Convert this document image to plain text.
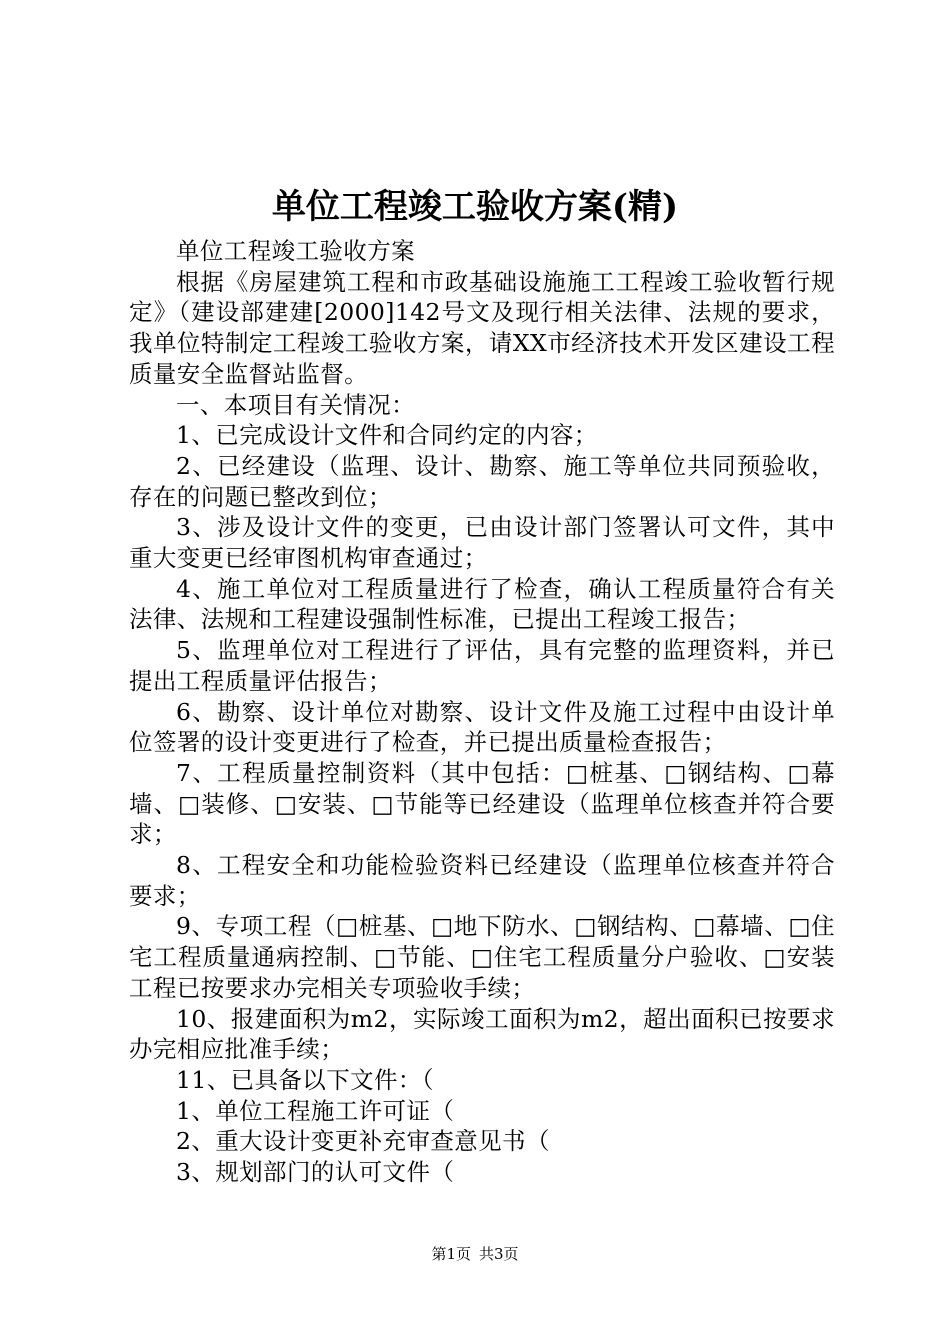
单位工程竣工验收方案(精)

单位工程竣工验收方案

根据《房屋建筑工程和市政基础设施施工工程竣工验收暂行规定》（建设部建建[2000]142号文及现行相关法律、法规的要求，我单位特制定工程竣工验收方案，请XX市经济技术开发区建设工程质量安全监督站监督。

一、本项目有关情况：

1、已完成设计文件和合同约定的内容；

2、已经建设（监理、设计、勘察、施工等单位共同预验收，存在的问题已整改到位；

3、涉及设计文件的变更，已由设计部门签署认可文件，其中重大变更已经审图机构审查通过；

4、施工单位对工程质量进行了检查，确认工程质量符合有关法律、法规和工程建设强制性标准，已提出工程竣工报告；

5、监理单位对工程进行了评估，具有完整的监理资料，并已提出工程质量评估报告；

6、勘察、设计单位对勘察、设计文件及施工过程中由设计单位签署的设计变更进行了检查，并已提出质量检查报告；

7、工程质量控制资料（其中包括：□桩基、□钢结构、□幕墙、□装修、□安装、□节能等已经建设（监理单位核查并符合要求；

8、工程安全和功能检验资料已经建设（监理单位核查并符合要求；

9、专项工程（□桩基、□地下防水、□钢结构、□幕墙、□住宅工程质量通病控制、□节能、□住宅工程质量分户验收、□安装工程已按要求办完相关专项验收手续；

10、报建面积为m2，实际竣工面积为m2，超出面积已按要求办完相应批准手续；

11、已具备以下文件：（

1、单位工程施工许可证（

2、重大设计变更补充审查意见书（

3、规划部门的认可文件（

第1页 共3页
